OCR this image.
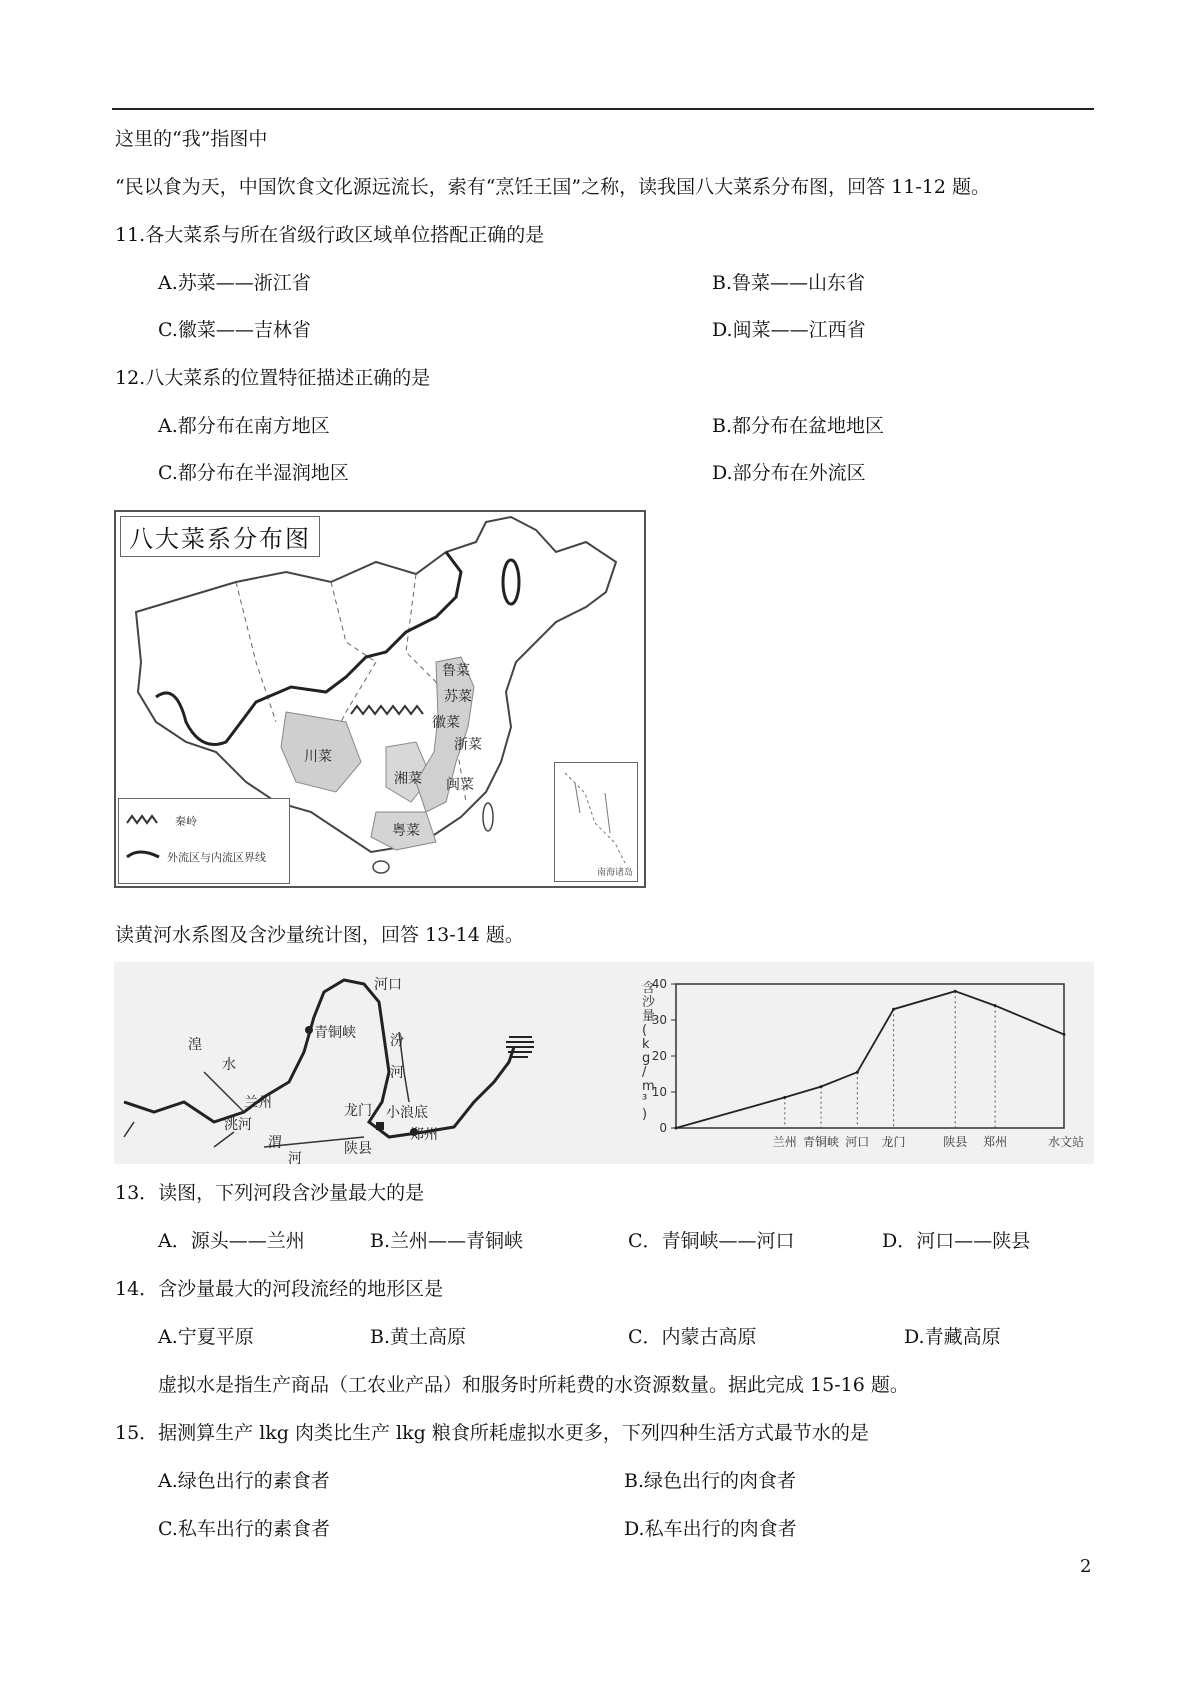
这里的“我”指图中
“民以食为天，中国饮食文化源远流长，索有“烹饪王国”之称，读我国八大菜系分布图，回答 11-12 题。
11.各大菜系与所在省级行政区域单位搭配正确的是
A.苏菜——浙江省	B.鲁菜——山东省
C.徽菜——吉林省	D.闽菜——江西省
12.八大菜系的位置特征描述正确的是
A.都分布在南方地区	B.都分布在盆地地区
C.都分布在半湿润地区	D.部分布在外流区
八大菜系分布图
鲁菜
苏菜
徽菜
浙菜
川菜
湘菜 闽菜
粤菜
秦岭
外流区与内流区界线
南海诸岛
读黄河水系图及含沙量统计图，回答 13-14 题。
湟
水
兰州
青铜峡
河口
汾
河
龙门 小浪底
郑州
渭
河
陕县
洮河	0
10
20
30
40
含沙量( k g / m ³ )
兰州 青铜峡 河口 龙门	陕县 郑州	水文站
13．读图，下列河段含沙量最大的是
A．源头——兰州	B.兰州——青铜峡	C．青铜峡——河口	D．河口——陕县
14．含沙量最大的河段流经的地形区是
A.宁夏平原	B.黄土高原	C．内蒙古高原	D.青藏高原
虚拟水是指生产商品（工农业产品）和服务时所耗费的水资源数量。据此完成 15-16 题。
15．据测算生产 lkg 肉类比生产 lkg 粮食所耗虚拟水更多，下列四种生活方式最节水的是
A.绿色出行的素食者	B.绿色出行的肉食者
C.私车出行的素食者	D.私车出行的肉食者
2
